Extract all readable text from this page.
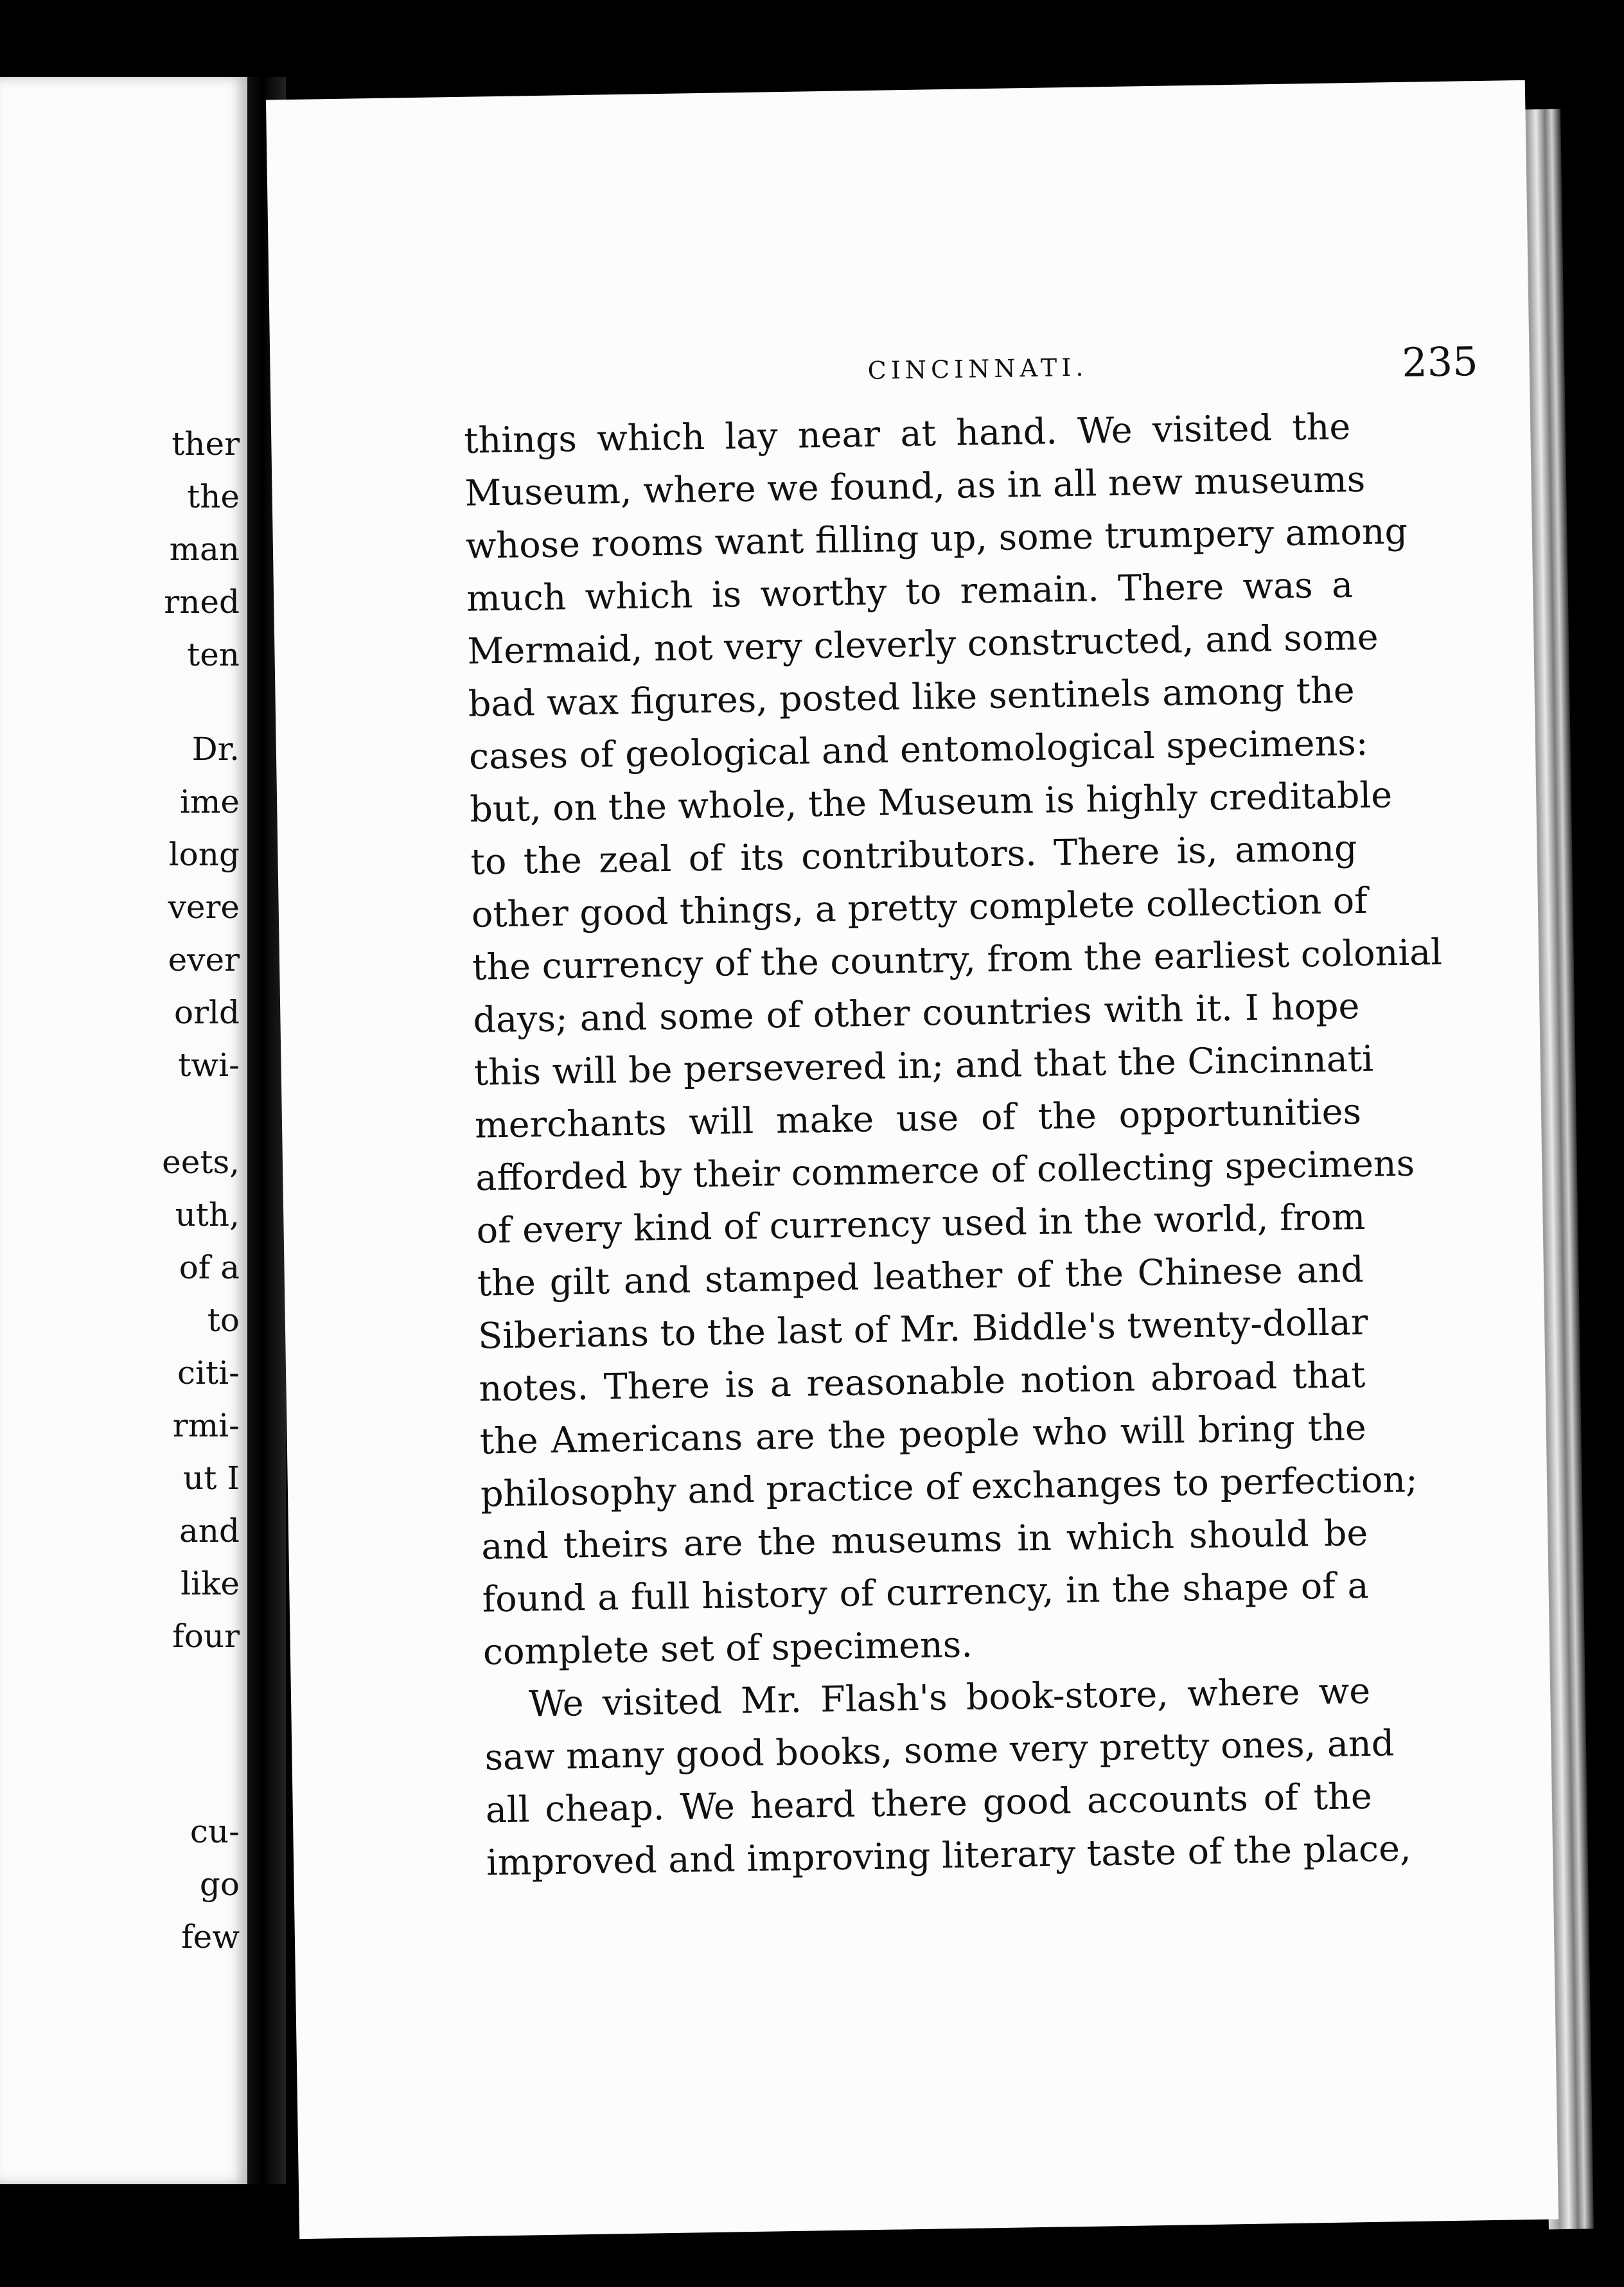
ther
the
man
rned
ten
Dr.
ime
long
vere
ever
orld
twi-
eets,
uth,
of a
to
citi-
rmi-
ut I
and
like
four
cu-
go
few
CINCINNATI.	235
things which lay near at hand. We visited the
Museum, where we found, as in all new museums
whose rooms want filling up, some trumpery among
much which is worthy to remain. There was a
Mermaid, not very cleverly constructed, and some
bad wax figures, posted like sentinels among the
cases of geological and entomological specimens:
but, on the whole, the Museum is highly creditable
to the zeal of its contributors. There is, among
other good things, a pretty complete collection of
the currency of the country, from the earliest colonial
days; and some of other countries with it. I hope
this will be persevered in; and that the Cincinnati
merchants will make use of the opportunities
afforded by their commerce of collecting specimens
of every kind of currency used in the world, from
the gilt and stamped leather of the Chinese and
Siberians to the last of Mr. Biddle's twenty-dollar
notes. There is a reasonable notion abroad that
the Americans are the people who will bring the
philosophy and practice of exchanges to perfection;
and theirs are the museums in which should be
found a full history of currency, in the shape of a
complete set of specimens.
We visited Mr. Flash's book-store, where we
saw many good books, some very pretty ones, and
all cheap. We heard there good accounts of the
improved and improving literary taste of the place,
